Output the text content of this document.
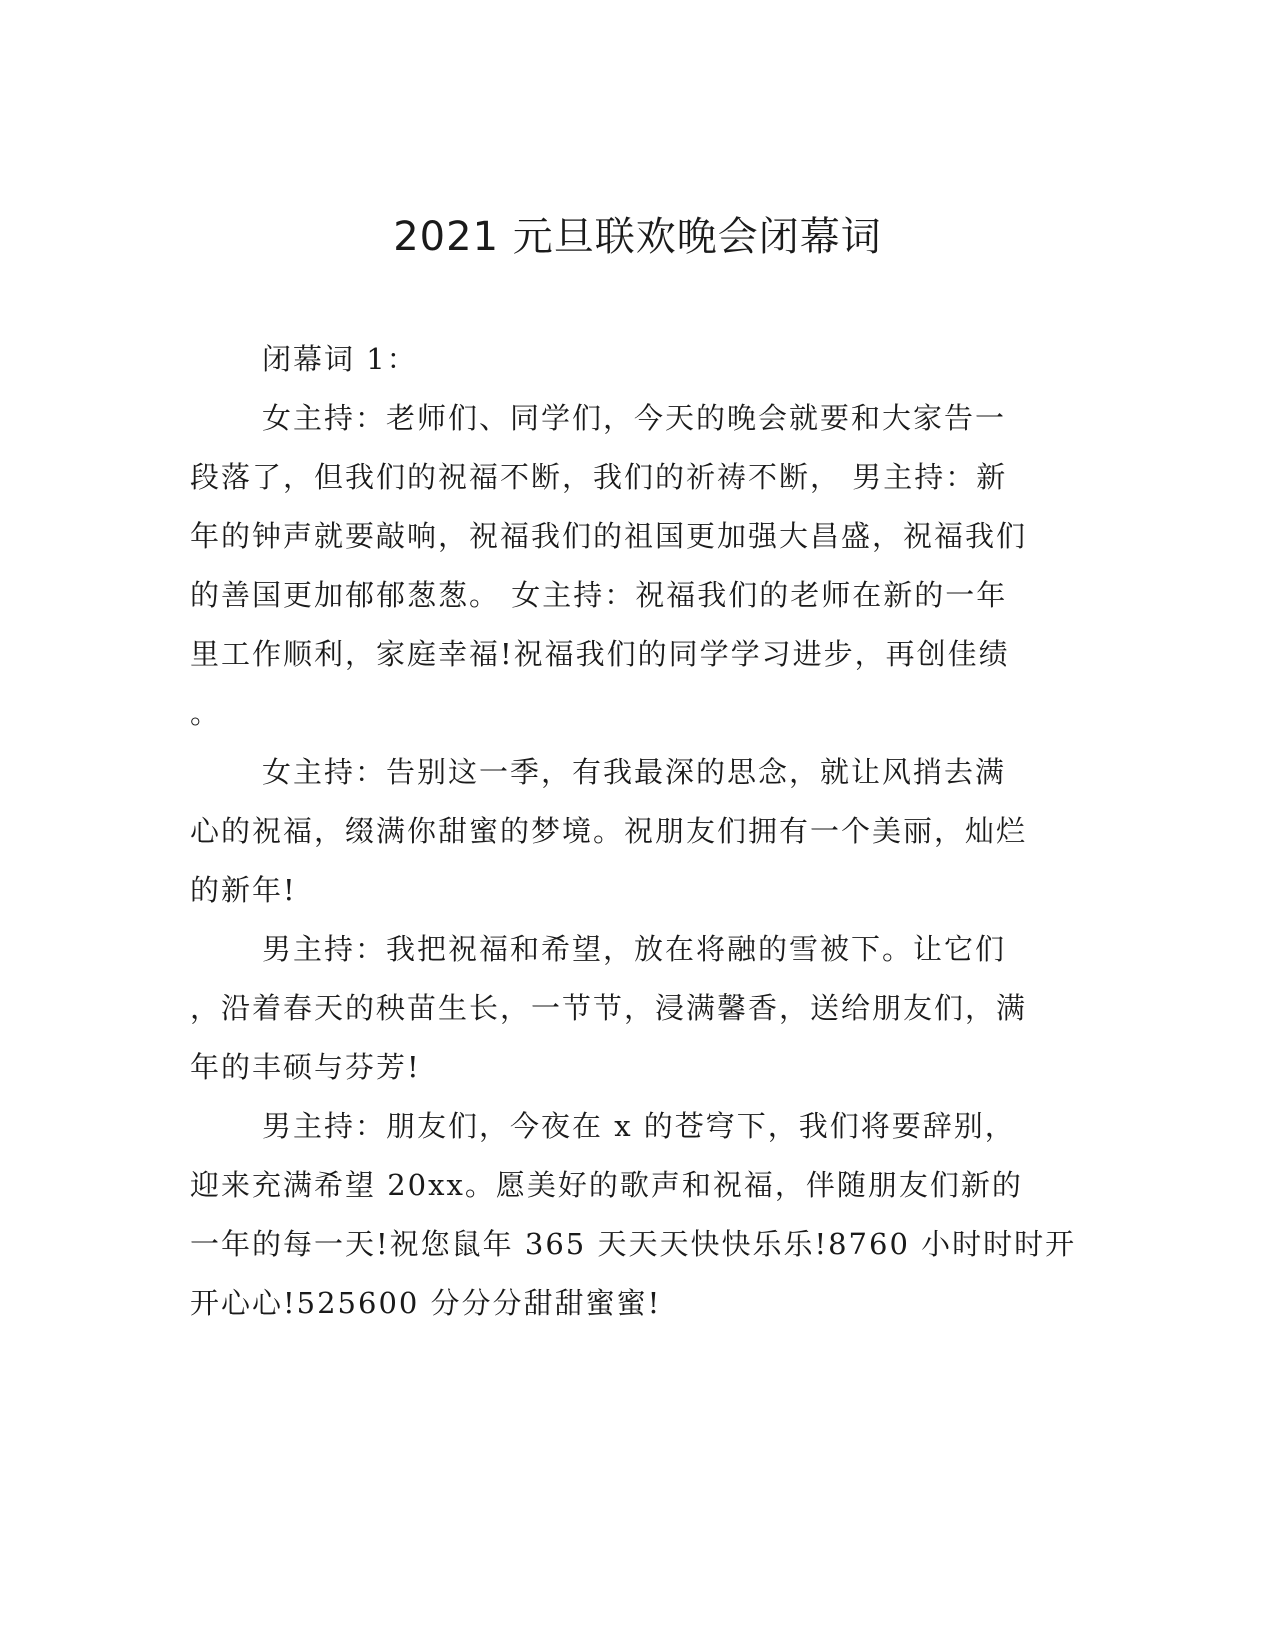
2021 元旦联欢晚会闭幕词
闭幕词 1：
女主持：老师们、同学们，今天的晚会就要和大家告一
段落了，但我们的祝福不断，我们的祈祷不断， 男主持：新
年的钟声就要敲响，祝福我们的祖国更加强大昌盛，祝福我们
的善国更加郁郁葱葱。 女主持：祝福我们的老师在新的一年
里工作顺利，家庭幸福!祝福我们的同学学习进步，再创佳绩
。
女主持：告别这一季，有我最深的思念，就让风捎去满
心的祝福，缀满你甜蜜的梦境。祝朋友们拥有一个美丽，灿烂
的新年!
男主持：我把祝福和希望，放在将融的雪被下。让它们
，沿着春天的秧苗生长，一节节，浸满馨香，送给朋友们，满
年的丰硕与芬芳!
男主持：朋友们，今夜在 x 的苍穹下，我们将要辞别，
迎来充满希望 20xx。愿美好的歌声和祝福，伴随朋友们新的
一年的每一天!祝您鼠年 365 天天天快快乐乐!8760 小时时时开
开心心!525600 分分分甜甜蜜蜜!
